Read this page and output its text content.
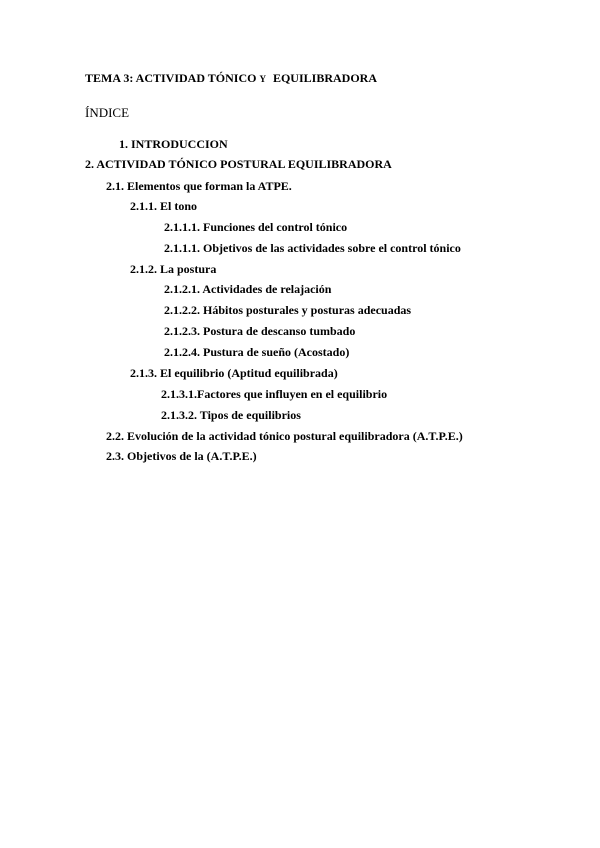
TEMA 3: ACTIVIDAD TÓNICO Y EQUILIBRADORA
ÍNDICE
1. INTRODUCCION
2. ACTIVIDAD TÓNICO POSTURAL EQUILIBRADORA
2.1. Elementos que forman la ATPE.
2.1.1. El tono
2.1.1.1. Funciones del control tónico
2.1.1.1. Objetivos de las actividades sobre el control tónico
2.1.2. La postura
2.1.2.1. Actividades de relajación
2.1.2.2. Hábitos posturales y posturas adecuadas
2.1.2.3. Postura de descanso tumbado
2.1.2.4. Pustura de sueño (Acostado)
2.1.3. El equilibrio (Aptitud equilibrada)
2.1.3.1.Factores que influyen en el equilibrio
2.1.3.2. Tipos de equilibrios
2.2. Evolución de la actividad tónico postural equilibradora (A.T.P.E.)
2.3. Objetivos de la (A.T.P.E.)
